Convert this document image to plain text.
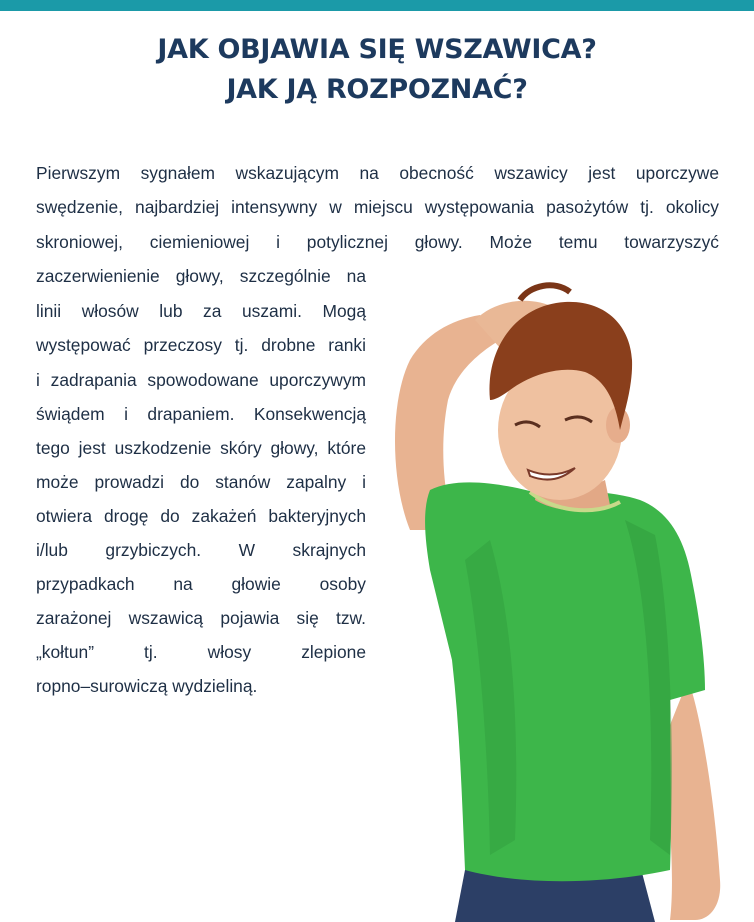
JAK OBJAWIA SIĘ WSZAWICA?
JAK JĄ ROZPOZNAĆ?
Pierwszym sygnałem wskazującym na obecność wszawicy jest uporczywe
swędzenie, najbardziej intensywny w miejscu występowania pasożytów tj. okolicy
skroniowej, ciemieniowej i potylicznej głowy. Może temu towarzyszyć
zaczerwienienie głowy, szczególnie na
linii włosów lub za uszami. Mogą
występować przeczosy tj. drobne ranki
i zadrapania spowodowane uporczywym
świądem i drapaniem. Konsekwencją
tego jest uszkodzenie skóry głowy, które
może prowadzi do stanów zapalny i
otwiera drogę do zakażeń bakteryjnych
i/lub grzybiczych. W skrajnych
przypadkach na głowie osoby
zarażonej wszawicą pojawia się tzw.
„kołtun” tj. włosy zlepione
ropno–surowiczą wydzieliną.
